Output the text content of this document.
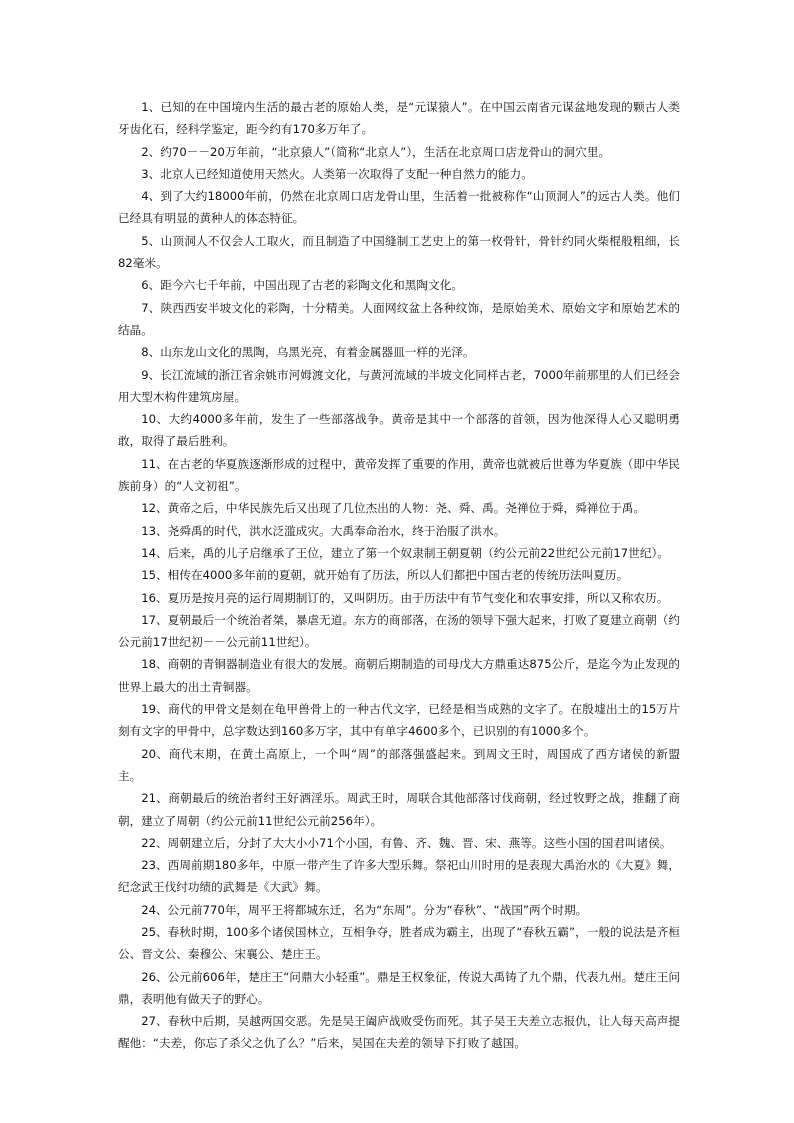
1、已知的在中国境内生活的最古老的原始人类，是“元谋猿人”。在中国云南省元谋盆地发现的颗古人类牙齿化石，经科学鉴定，距今约有170多万年了。

2、约70－－20万年前，“北京猿人”（简称“北京人”），生活在北京周口店龙骨山的洞穴里。

3、北京人已经知道使用天然火。人类第一次取得了支配一种自然力的能力。

4、到了大约18000年前，仍然在北京周口店龙骨山里，生活着一批被称作“山顶洞人”的远古人类。他们已经具有明显的黄种人的体态特征。

5、山顶洞人不仅会人工取火，而且制造了中国缝制工艺史上的第一枚骨针，骨针约同火柴棍般粗细，长82毫米。

6、距今六七千年前，中国出现了古老的彩陶文化和黑陶文化。

7、陕西西安半坡文化的彩陶，十分精美。人面网纹盆上各种纹饰，是原始美术、原始文字和原始艺术的结晶。

8、山东龙山文化的黑陶，乌黑光亮，有着金属器皿一样的光泽。

9、长江流域的浙江省余姚市河姆渡文化，与黄河流域的半坡文化同样古老，7000年前那里的人们已经会用大型木构件建筑房屋。

10、大约4000多年前，发生了一些部落战争。黄帝是其中一个部落的首领，因为他深得人心又聪明勇敢，取得了最后胜利。

11、在古老的华夏族逐渐形成的过程中，黄帝发挥了重要的作用，黄帝也就被后世尊为华夏族（即中华民族前身）的“人文初祖”。

12、黄帝之后，中华民族先后又出现了几位杰出的人物：尧、舜、禹。尧禅位于舜，舜禅位于禹。

13、尧舜禹的时代，洪水泛滥成灾。大禹奉命治水，终于治服了洪水。

14、后来，禹的儿子启继承了王位，建立了第一个奴隶制王朝夏朝（约公元前22世纪公元前17世纪）。

15、相传在4000多年前的夏朝，就开始有了历法，所以人们都把中国古老的传统历法叫夏历。

16、夏历是按月亮的运行周期制订的，又叫阴历。由于历法中有节气变化和农事安排，所以又称农历。

17、夏朝最后一个统治者桀，暴虐无道。东方的商部落，在汤的领导下强大起来，打败了夏建立商朝（约公元前17世纪初－－公元前11世纪）。

18、商朝的青铜器制造业有很大的发展。商朝后期制造的司母戊大方鼎重达875公斤，是迄今为止发现的世界上最大的出土青铜器。

19、商代的甲骨文是刻在龟甲兽骨上的一种古代文字，已经是相当成熟的文字了。在殷墟出土的15万片刻有文字的甲骨中，总字数达到160多万字，其中有单字4600多个，已识别的有1000多个。

20、商代末期，在黄土高原上，一个叫“周”的部落强盛起来。到周文王时，周国成了西方诸侯的新盟主。

21、商朝最后的统治者纣王好酒淫乐。周武王时，周联合其他部落讨伐商朝，经过牧野之战，推翻了商朝，建立了周朝（约公元前11世纪公元前256年）。

22、周朝建立后，分封了大大小小71个小国，有鲁、齐、魏、晋、宋、燕等。这些小国的国君叫诸侯。

23、西周前期180多年，中原一带产生了许多大型乐舞。祭祀山川时用的是表现大禹治水的《大夏》舞，纪念武王伐纣功绩的武舞是《大武》舞。

24、公元前770年，周平王将都城东迁，名为“东周”。分为“春秋”、“战国”两个时期。

25、春秋时期，100多个诸侯国林立，互相争夺，胜者成为霸主，出现了“春秋五霸”，一般的说法是齐桓公、晋文公、秦穆公、宋襄公、楚庄王。

26、公元前606年，楚庄王“问鼎大小轻重”。鼎是王权象征，传说大禹铸了九个鼎，代表九州。楚庄王问鼎，表明他有做天子的野心。

27、春秋中后期，吴越两国交恶。先是吴王阖庐战败受伤而死。其子吴王夫差立志报仇，让人每天高声提醒他：“夫差，你忘了杀父之仇了么？”后来，吴国在夫差的领导下打败了越国。
